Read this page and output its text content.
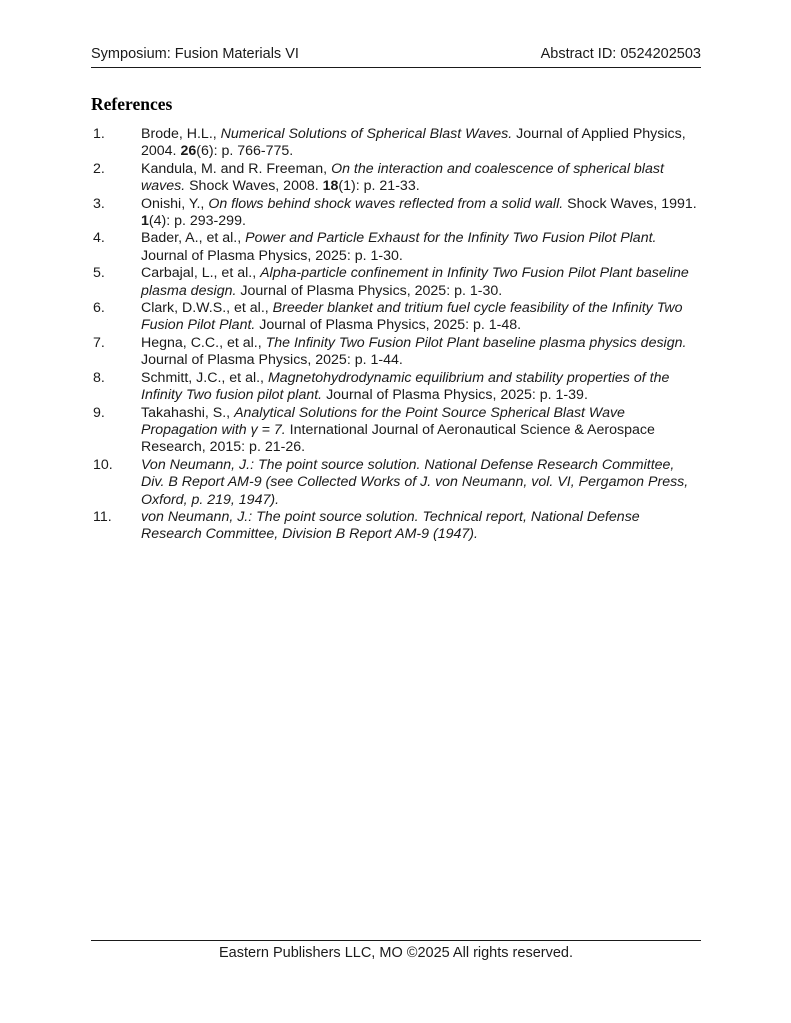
Symposium: Fusion Materials VI	Abstract ID: 0524202503
References
1.	Brode, H.L., Numerical Solutions of Spherical Blast Waves. Journal of Applied Physics, 2004. 26(6): p. 766-775.
2.	Kandula, M. and R. Freeman, On the interaction and coalescence of spherical blast waves. Shock Waves, 2008. 18(1): p. 21-33.
3.	Onishi, Y., On flows behind shock waves reflected from a solid wall. Shock Waves, 1991. 1(4): p. 293-299.
4.	Bader, A., et al., Power and Particle Exhaust for the Infinity Two Fusion Pilot Plant. Journal of Plasma Physics, 2025: p. 1-30.
5.	Carbajal, L., et al., Alpha-particle confinement in Infinity Two Fusion Pilot Plant baseline plasma design. Journal of Plasma Physics, 2025: p. 1-30.
6.	Clark, D.W.S., et al., Breeder blanket and tritium fuel cycle feasibility of the Infinity Two Fusion Pilot Plant. Journal of Plasma Physics, 2025: p. 1-48.
7.	Hegna, C.C., et al., The Infinity Two Fusion Pilot Plant baseline plasma physics design. Journal of Plasma Physics, 2025: p. 1-44.
8.	Schmitt, J.C., et al., Magnetohydrodynamic equilibrium and stability properties of the Infinity Two fusion pilot plant. Journal of Plasma Physics, 2025: p. 1-39.
9.	Takahashi, S., Analytical Solutions for the Point Source Spherical Blast Wave Propagation with γ = 7. International Journal of Aeronautical Science & Aerospace Research, 2015: p. 21-26.
10.	Von Neumann, J.: The point source solution. National Defense Research Committee, Div. B Report AM-9 (see Collected Works of J. von Neumann, vol. VI, Pergamon Press, Oxford, p. 219, 1947).
11.	von Neumann, J.: The point source solution. Technical report, National Defense Research Committee, Division B Report AM-9 (1947).
Eastern Publishers LLC, MO ©2025 All rights reserved.
